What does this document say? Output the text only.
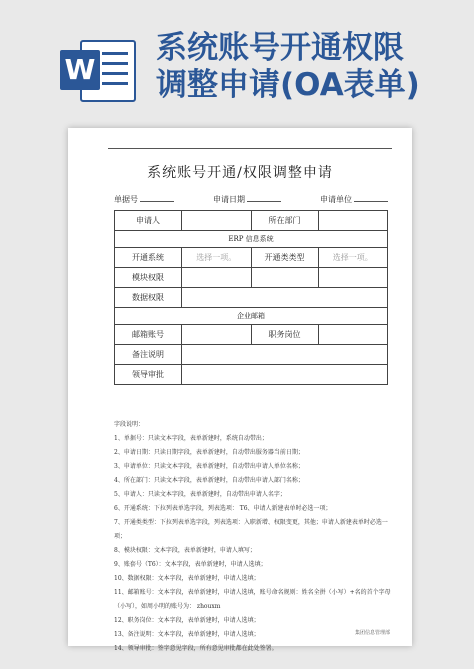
W
系统账号开通权限
调整申请(OA表单)
系统账号开通/权限调整申请
单据号	申请日期	申请单位
申请人		所在部门	
ERP 信息系统			
开通系统	选择一项。	开通类类型	选择一项。
模块权限			
数据权限			
企业邮箱			
邮箱账号		职务岗位	
备注说明			
领导审批			
字段说明：
1、单据号：只读文本字段，表单新建时，系统自动带出；
2、申请日期：只读日期字段，表单新建时，自动带出服务器当前日期；
3、申请单位：只读文本字段，表单新建时，自动带出申请人单位名称；
4、所在部门：只读文本字段，表单新建时，自动带出申请人部门名称；
5、申请人：只读文本字段，表单新建时，自动带出申请人名字；
6、开通系统：下拉列表单选字段，列表选项： T6、申请人新建表单时必选一项；
7、开通类类型：下拉列表单选字段，列表选项：入职新增、权限变更，其他；申请人新建表单时必选一项；
8、模块权限：文本字段，表单新建时，申请人填写；
9、账套号（T6）：文本字段，表单新建时，申请人选填；
10、数据权限：文本字段，表单新建时，申请人选填；
11、邮箱账号：文本字段，表单新建时，申请人选填，账号命名规则：姓名全拼（小写）+名的首个字母（小写），如周小明的账号为： zhouxm
12、职务岗位：文本字段，表单新建时，申请人选填；
13、备注说明：文本字段，表单新建时，申请人选填；
14、领导审批：签字意见字段，所有意见审批都在此处签署。
集团信息管理部
